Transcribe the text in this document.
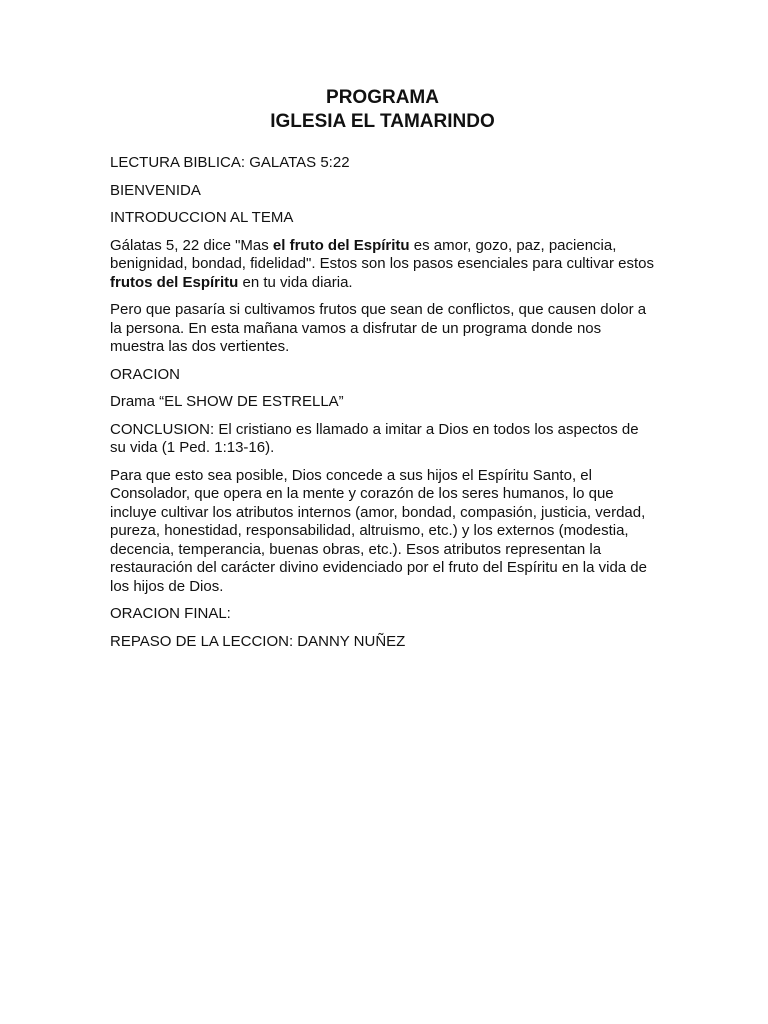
PROGRAMA

IGLESIA EL TAMARINDO

LECTURA BIBLICA: GALATAS 5:22

BIENVENIDA

INTRODUCCION AL TEMA

Gálatas 5, 22 dice "Mas el fruto del Espíritu es amor, gozo, paz, paciencia, benignidad, bondad, fidelidad". Estos son los pasos esenciales para cultivar estos frutos del Espíritu en tu vida diaria.

Pero que pasaría si cultivamos frutos que sean de conflictos, que causen dolor a la persona. En esta mañana vamos a disfrutar de un programa donde nos muestra las dos vertientes.

ORACION

Drama “EL SHOW DE ESTRELLA”

CONCLUSION: El cristiano es llamado a imitar a Dios en todos los aspectos de su vida (1 Ped. 1:13-16).

Para que esto sea posible, Dios concede a sus hijos el Espíritu Santo, el Consolador, que opera en la mente y corazón de los seres humanos, lo que incluye cultivar los atributos internos (amor, bondad, compasión, justicia, verdad, pureza, honestidad, responsabilidad, altruismo, etc.) y los externos (modestia, decencia, temperancia, buenas obras, etc.). Esos atributos representan la restauración del carácter divino evidenciado por el fruto del Espíritu en la vida de los hijos de Dios.

ORACION FINAL:

REPASO DE LA LECCION: DANNY NUÑEZ
